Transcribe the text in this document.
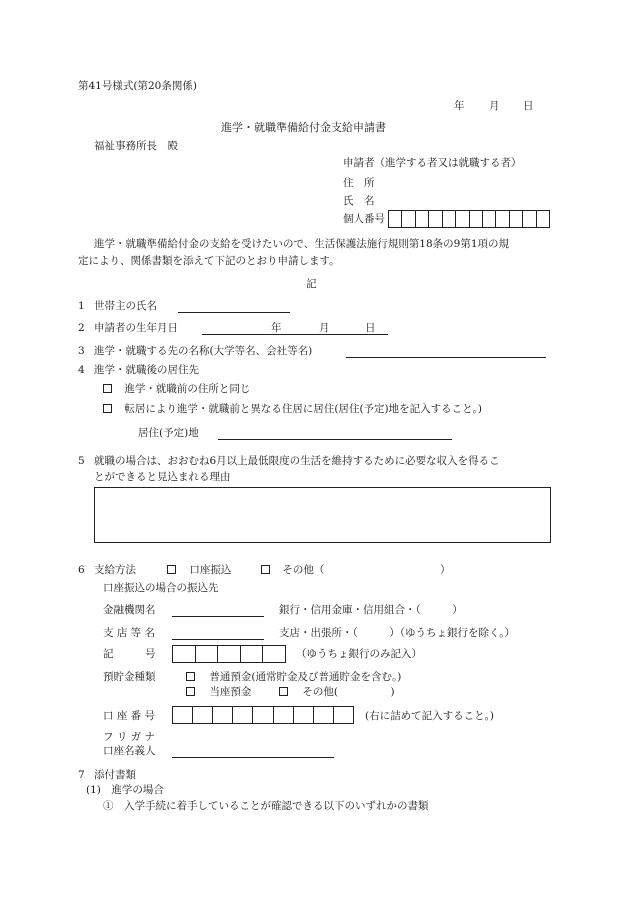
第41号様式(第20条関係)
年 月 日
進学・就職準備給付金支給申請書
福祉事務所長　殿
申請者（進学する者又は就職する者）
住　所
氏　名
個人番号
進学・就職準備給付金の支給を受けたいので、生活保護法施行規則第18条の9第1項の規
定により、関係書類を添えて下記のとおり申請します。
記
1 世帯主の氏名
2 申請者の生年月日	年	月	日
3 進学・就職する先の名称(大学等名、会社等名)
4 進学・就職後の居住先
進学・就職前の住所と同じ
転居により進学・就職前と異なる住居に居住(居住(予定)地を記入すること。)
居住(予定)地
5 就職の場合は、おおむね6月以上最低限度の生活を維持するために必要な収入を得るこ
とができると見込まれる理由
6 支給方法	口座振込	その他（	）
口座振込の場合の振込先
金融機関名	銀行・信用金庫・信用組合・（　　　）
支 店 等 名	支店・出張所・（　　　）（ゆうちょ銀行を除く。）
記　　　号	（ゆうちょ銀行のみ記入）
預貯金種類	普通預金(通常貯金及び普通貯金を含む。)
当座預金	その他(　　　　　)
口 座 番 号	(右に詰めて記入すること。)
フ リ ガ ナ
口座名義人
7 添付書類
(1)　進学の場合
①　入学手続に着手していることが確認できる以下のいずれかの書類
